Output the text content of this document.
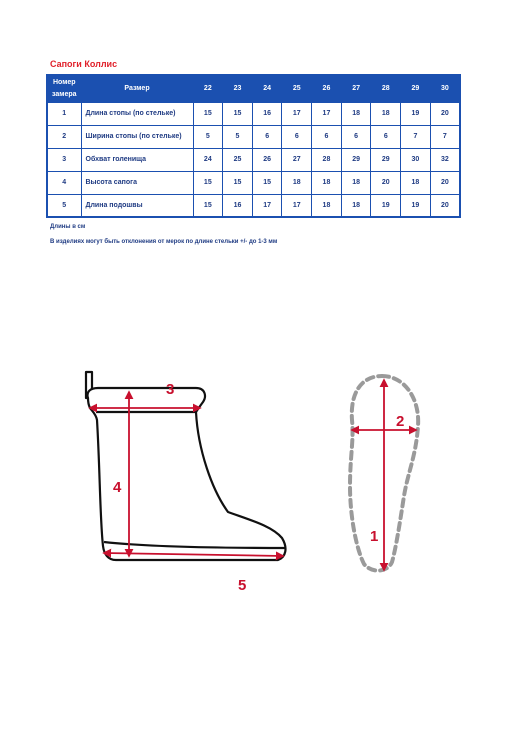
Сапоги Коллис
Номер замера	Размер	22	23	24	25	26	27	28	29	30
1	Длина стопы (по стельке)	15	15	16	17	17	18	18	19	20
2	Ширина стопы (по стельке)	5	5	6	6	6	6	6	7	7
3	Обхват голенища	24	25	26	27	28	29	29	30	32
4	Высота сапога	15	15	15	18	18	18	20	18	20
5	Длина подошвы	15	16	17	17	18	18	19	19	20
Длины в см
В изделиях могут быть отклонения от мерок по длине стельки +/- до 1-3 мм
3
4
5
1
2
